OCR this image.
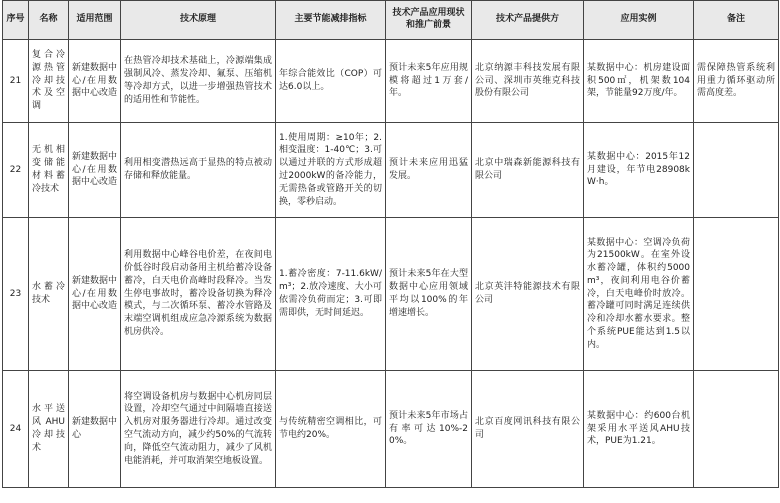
序号	名称	适用范围	技术原理	主要节能减排指标	技术产品应用现状和推广前景	技术产品提供方	应用实例	备注
21	复合冷源热管冷却技术及空调	新建数据中心/在用数据中心改造	在热管冷却技术基础上，冷源端集成强制风冷、蒸发冷却、氟泵、压缩机等冷却方式，以进一步增强热管技术的适用性和节能性。	年综合能效比（COP）可达6.0以上。	预计未来5年应用规模将超过1万套/年。	北京纳源丰科技发展有限公司、深圳市英维克科技股份有限公司	某数据中心：机房建设面积500㎡，机架数104架，节能量92万度/年。	需保障热管系统利用重力循环驱动所需高度差。
22	无机相变储能材料蓄冷技术	新建数据中心/在用数据中心改造	利用相变潜热远高于显热的特点被动存储和释放能量。	1.使用周期：≥10年；2.相变温度：1-40℃；3.可以通过并联的方式形成超过2000kW的备冷能力，无需热备或管路开关的切换，零秒启动。	预计未来应用迅猛发展。	北京中瑞森新能源科技有限公司	某数据中心：2015年12月建设，年节电28908kW·h。	
23	水蓄冷技术	新建数据中心/在用数据中心改造	利用数据中心峰谷电价差，在夜间电价低谷时段启动备用主机给蓄冷设备蓄冷，白天电价高峰时段释冷。当发生停电事故时，蓄冷设备切换为释冷模式，与二次循环泵、蓄冷水管路及末端空调机组成应急冷源系统为数据机房供冷。	1.蓄冷密度：7-11.6kW/m³；2.放冷速度、大小可依需冷负荷而定；3.可即需即供，无时间延迟。	预计未来5年在大型数据中心应用领域平均以100%的年增速增长。	北京英沣特能源技术有限公司	某数据中心：空调冷负荷为21500kW。在室外设水蓄冷罐，体积约5000m³，夜间利用电谷价蓄冷，白天电峰价时放冷。蓄冷罐可同时满足连续供冷和冷却水蓄水要求。整个系统PUE能达到1.5以内。	
24	水平送风AHU冷却技术	新建数据中心	将空调设备机房与数据中心机房同层设置，冷却空气通过中间隔墙直接送入机房对服务器进行冷却。通过改变空气流动方向，减少约50%的气流转向，降低空气流动阻力，减少了风机电能消耗，并可取消架空地板设置。	与传统精密空调相比，可节电约20%。	预计未来5年市场占有率可达10%-20%。	北京百度网讯科技有限公司	某数据中心：约600台机架采用水平送风AHU技术，PUE为1.21。	
